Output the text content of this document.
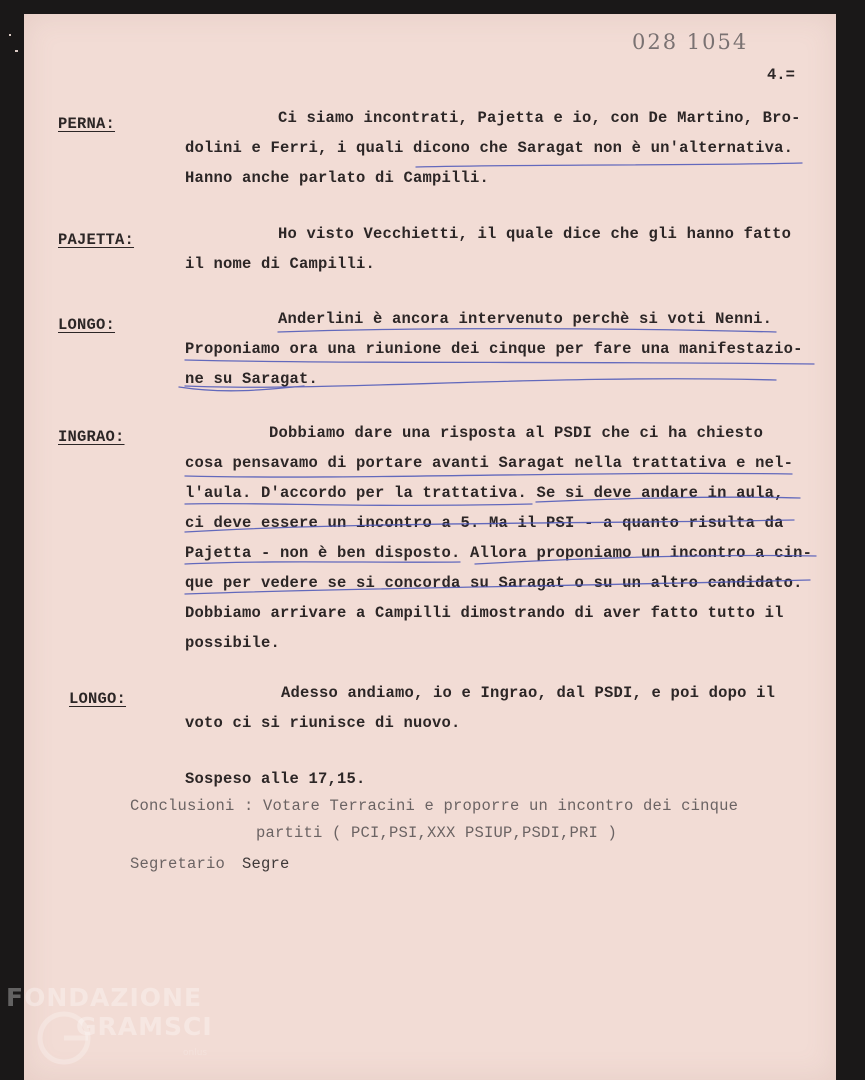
028 1054
4.=
PERNA:	Ci siamo incontrati, Pajetta e io, con De Martino, Bro-
dolini e Ferri, i quali dicono che Saragat non è un'alternativa.
Hanno anche parlato di Campilli.
PAJETTA:	Ho visto Vecchietti, il quale dice che gli hanno fatto
il nome di Campilli.
LONGO:	Anderlini è ancora intervenuto perchè si voti Nenni.
Proponiamo ora una riunione dei cinque per fare una manifestazio-
ne su Saragat.
INGRAO:	Dobbiamo dare una risposta al PSDI che ci ha chiesto
cosa pensavamo di portare avanti Saragat nella trattativa e nel-
l'aula. D'accordo per la trattativa. Se si deve andare in aula,
ci deve essere un incontro a 5. Ma il PSI - a quanto risulta da
Pajetta - non è ben disposto. Allora proponiamo un incontro a cin-
que per vedere se si concorda su Saragat o su un altro candidato.
Dobbiamo arrivare a Campilli dimostrando di aver fatto tutto il
possibile.
LONGO:	Adesso andiamo, io e Ingrao, dal PSDI, e poi dopo il
voto ci si riunisce di nuovo.
Sospeso alle 17,15.
Conclusioni : Votare Terracini e proporre un incontro dei cinque
partiti ( PCI,PSI,XXX PSIUP,PSDI,PRI )
Segretario Segre
FONDAZIONE
GRAMSCI
onlus
